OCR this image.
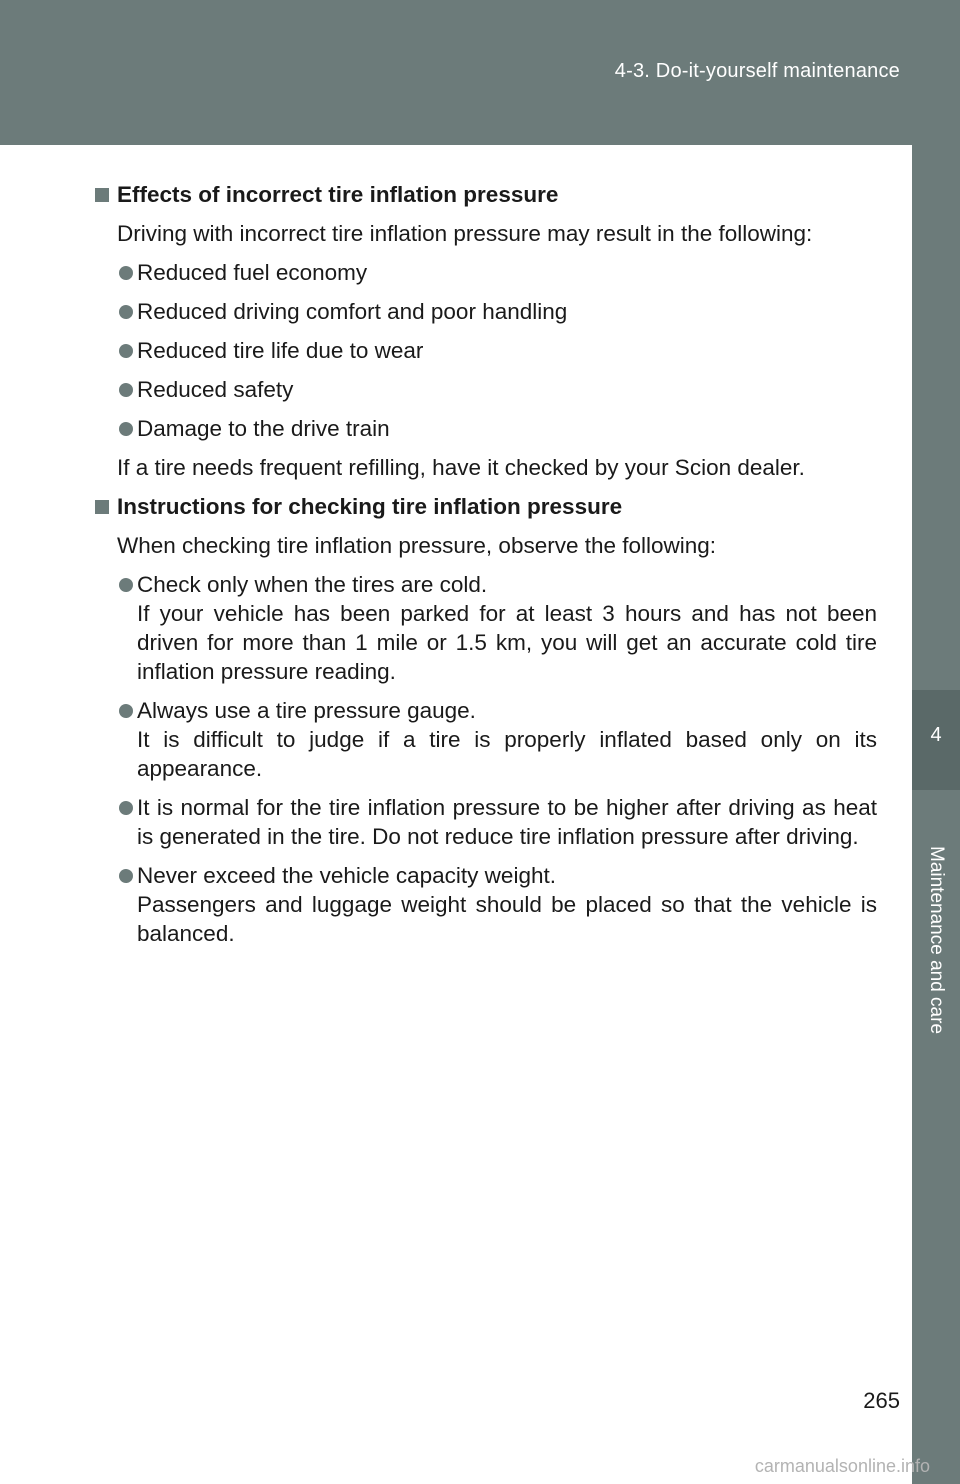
4-3. Do-it-yourself maintenance
4
Maintenance and care
Effects of incorrect tire inflation pressure
Driving with incorrect tire inflation pressure may result in the following:
Reduced fuel economy
Reduced driving comfort and poor handling
Reduced tire life due to wear
Reduced safety
Damage to the drive train
If a tire needs frequent refilling, have it checked by your Scion dealer.
Instructions for checking tire inflation pressure
When checking tire inflation pressure, observe the following:
Check only when the tires are cold.
If your vehicle has been parked for at least 3 hours and has not been driven for more than 1 mile or 1.5 km, you will get an accurate cold tire inflation pressure reading.
Always use a tire pressure gauge.
It is difficult to judge if a tire is properly inflated based only on its appearance.
It is normal for the tire inflation pressure to be higher after driving as heat is generated in the tire. Do not reduce tire inflation pressure after driving.
Never exceed the vehicle capacity weight.
Passengers and luggage weight should be placed so that the vehicle is balanced.
265
carmanualsonline.info
